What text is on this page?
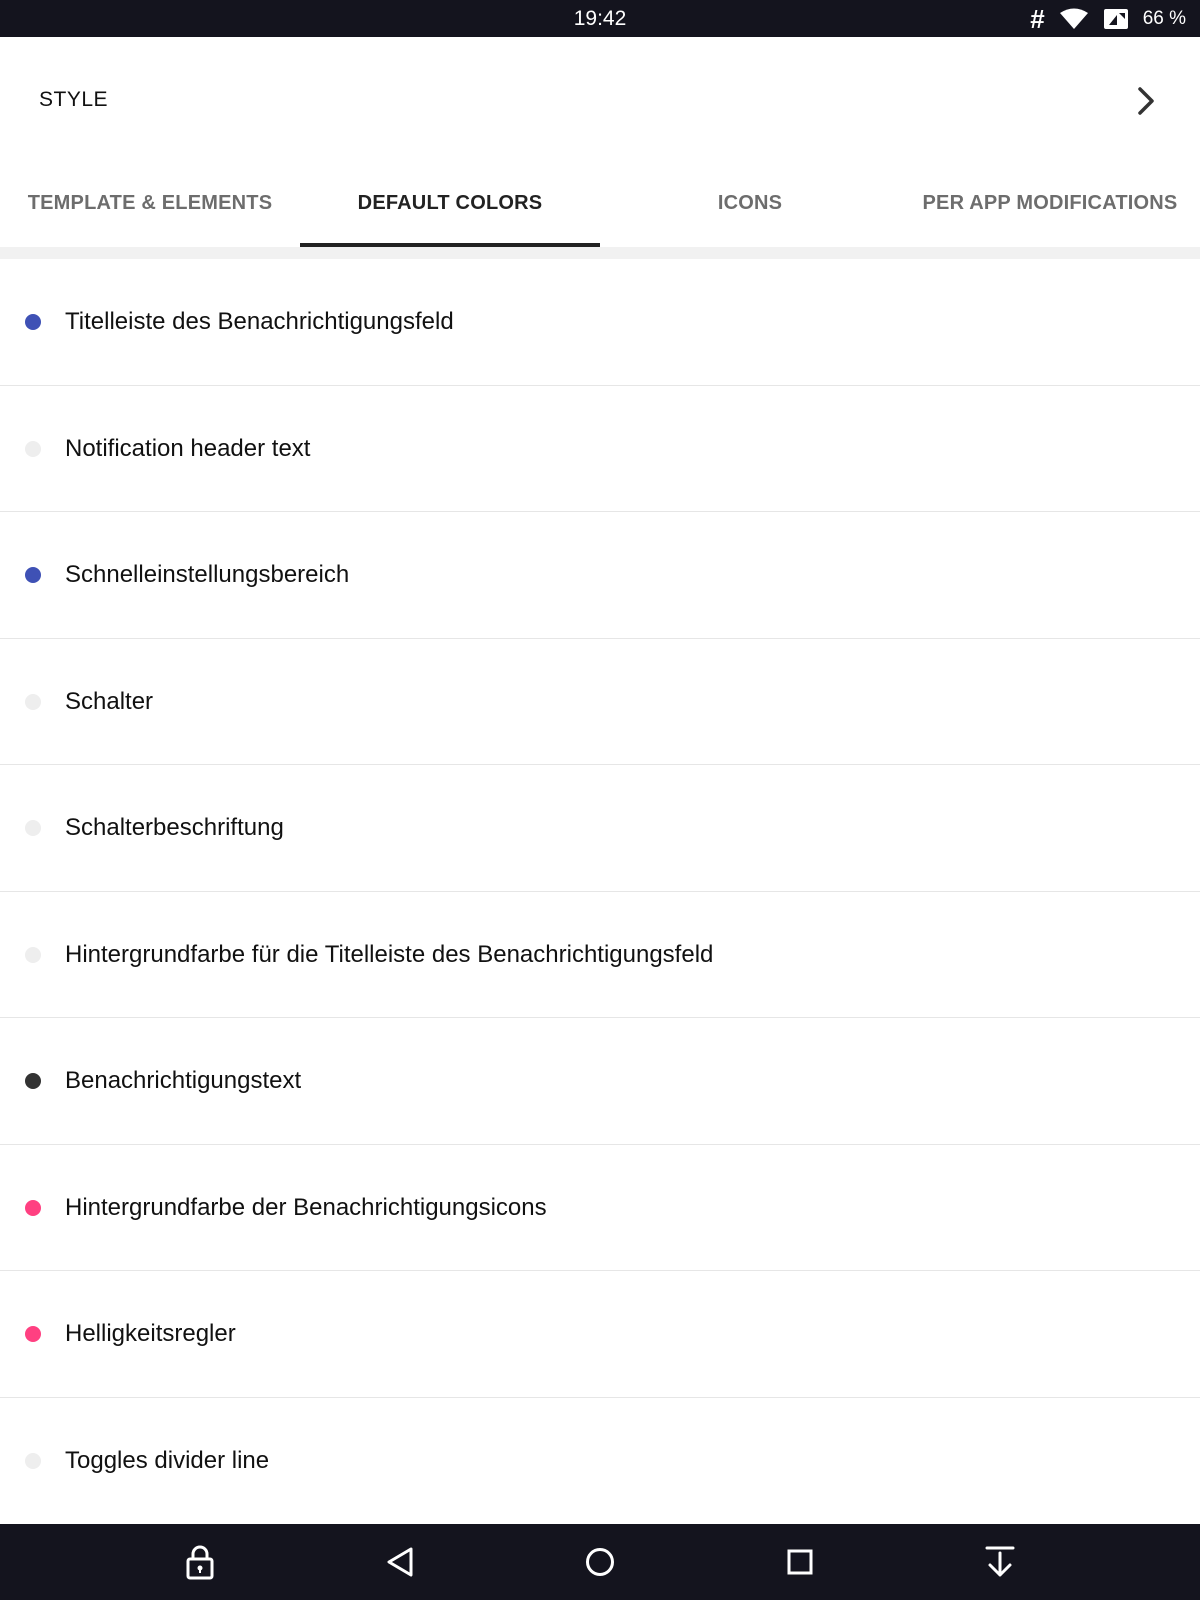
19:42	#	66 %
STYLE
TEMPLATE & ELEMENTS	DEFAULT COLORS	ICONS	PER APP MODIFICATIONS
Titelleiste des Benachrichtigungsfeld
Notification header text
Schnelleinstellungsbereich
Schalter
Schalterbeschriftung
Hintergrundfarbe für die Titelleiste des Benachrichtigungsfeld
Benachrichtigungstext
Hintergrundfarbe der Benachrichtigungsicons
Helligkeitsregler
Toggles divider line
